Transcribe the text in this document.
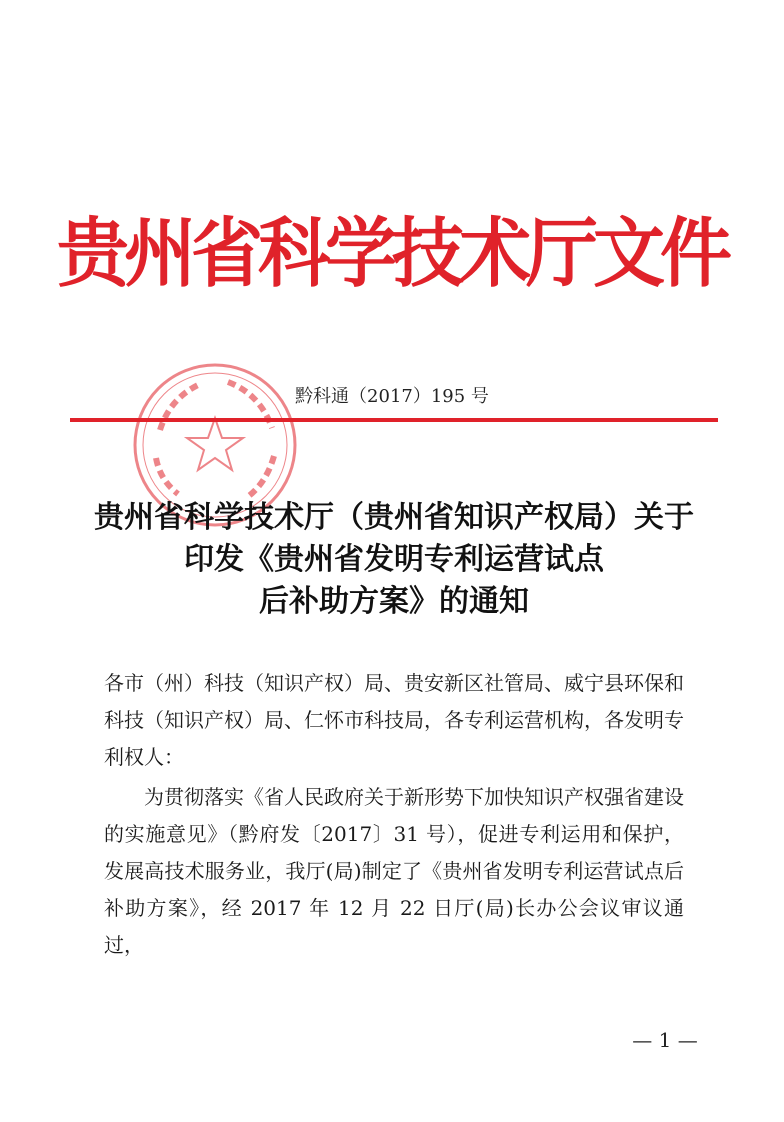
贵州省科学技术厅文件
黔科通（2017）195 号
贵州省科学技术厅（贵州省知识产权局）关于
印发《贵州省发明专利运营试点
后补助方案》的通知

各市（州）科技（知识产权）局、贵安新区社管局、威宁县环保和科技（知识产权）局、仁怀市科技局，各专利运营机构，各发明专利权人：

为贯彻落实《省人民政府关于新形势下加快知识产权强省建设的实施意见》（黔府发〔2017〕31 号），促进专利运用和保护，发展高技术服务业，我厅(局)制定了《贵州省发明专利运营试点后补助方案》，经 2017 年 12 月 22 日厅(局)长办公会议审议通过，

— 1 —
